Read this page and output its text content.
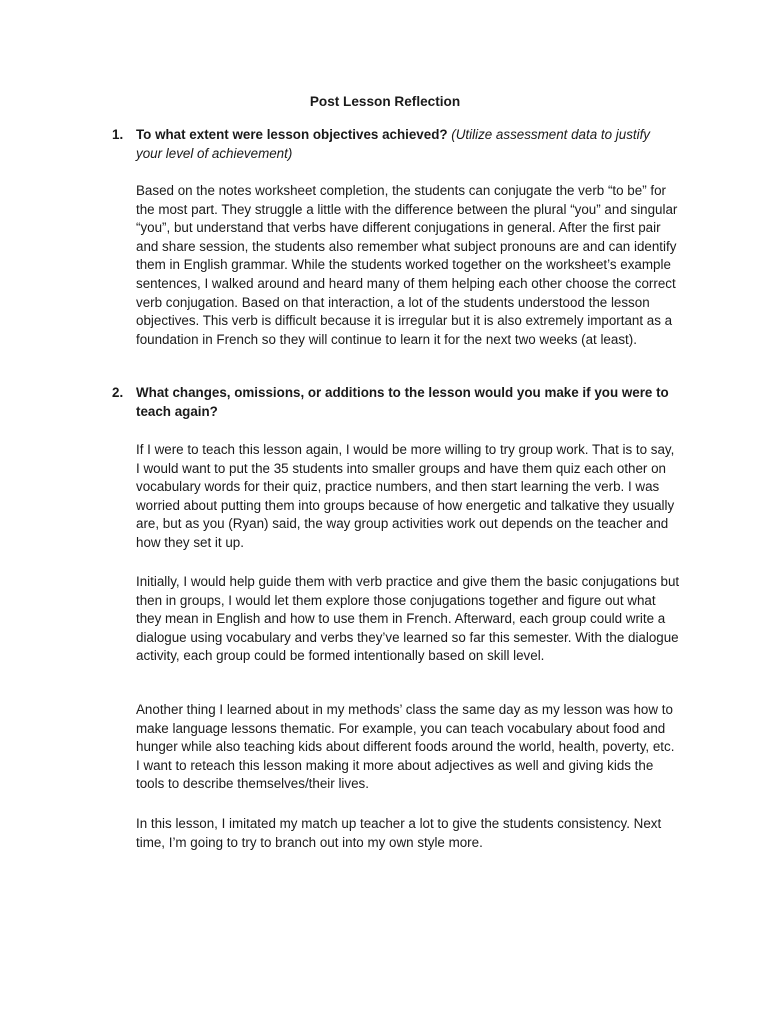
Post Lesson Reflection
1. To what extent were lesson objectives achieved? (Utilize assessment data to justify your level of achievement)

Based on the notes worksheet completion, the students can conjugate the verb “to be” for the most part. They struggle a little with the difference between the plural “you” and singular “you”, but understand that verbs have different conjugations in general. After the first pair and share session, the students also remember what subject pronouns are and can identify them in English grammar. While the students worked together on the worksheet’s example sentences, I walked around and heard many of them helping each other choose the correct verb conjugation. Based on that interaction, a lot of the students understood the lesson objectives. This verb is difficult because it is irregular but it is also extremely important as a foundation in French so they will continue to learn it for the next two weeks (at least).

2. What changes, omissions, or additions to the lesson would you make if you were to teach again?

If I were to teach this lesson again, I would be more willing to try group work. That is to say, I would want to put the 35 students into smaller groups and have them quiz each other on vocabulary words for their quiz, practice numbers, and then start learning the verb. I was worried about putting them into groups because of how energetic and talkative they usually are, but as you (Ryan) said, the way group activities work out depends on the teacher and how they set it up.

Initially, I would help guide them with verb practice and give them the basic conjugations but then in groups, I would let them explore those conjugations together and figure out what they mean in English and how to use them in French. Afterward, each group could write a dialogue using vocabulary and verbs they’ve learned so far this semester. With the dialogue activity, each group could be formed intentionally based on skill level.

Another thing I learned about in my methods’ class the same day as my lesson was how to make language lessons thematic. For example, you can teach vocabulary about food and hunger while also teaching kids about different foods around the world, health, poverty, etc. I want to reteach this lesson making it more about adjectives as well and giving kids the tools to describe themselves/their lives.

In this lesson, I imitated my match up teacher a lot to give the students consistency. Next time, I’m going to try to branch out into my own style more.
